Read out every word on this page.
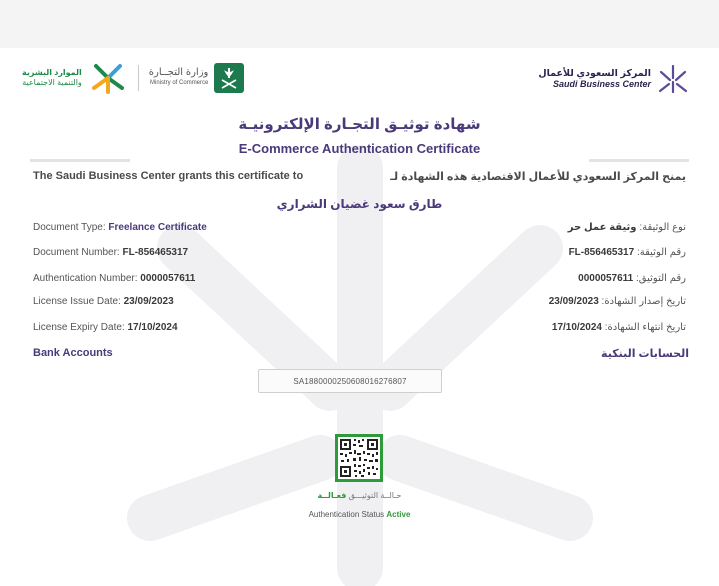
المركز السعودي للأعمال
Saudi Business Center
الموارد البشرية
والتنمية الاجتماعية
وزارة التجــارة
Ministry of Commerce
شهادة توثيـق التجـارة الإلكترونيـة
E-Commerce Authentication Certificate
The Saudi Business Center grants this certificate to	يمنح المركز السعودي للأعمال الاقتصادية هذه الشهادة لـ
طارق سعود غضيان الشراري
Document Type: Freelance Certificate
Document Number: FL-856465317
Authentication Number: 0000057611
License Issue Date: 23/09/2023
License Expiry Date: 17/10/2024
نوع الوثيقة: وثيقة عمل حر
رقم الوثيقة: FL-856465317
رقم التوثيق: 0000057611
تاريخ إصدار الشهادة: 23/09/2023
تاريخ انتهاء الشهادة: 17/10/2024
Bank Accounts	الحسابات البنكية
SA1880000250608016276807
حـالــة التوثيـــق فعـالــة
Authentication Status Active
